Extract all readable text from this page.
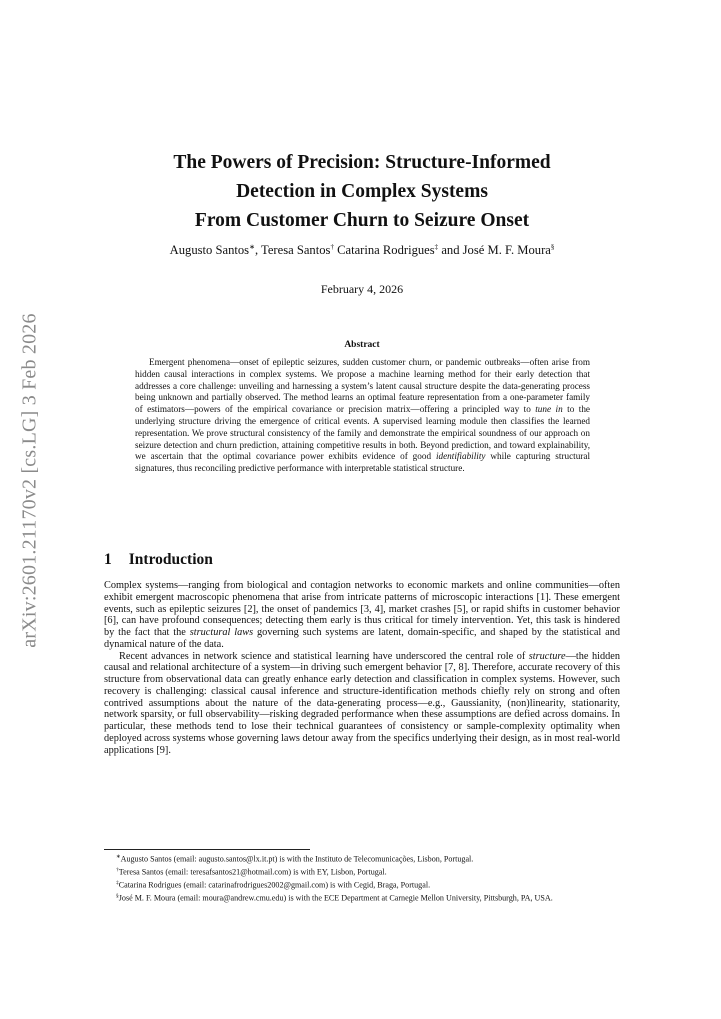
arXiv:2601.21170v2 [cs.LG] 3 Feb 2026
The Powers of Precision: Structure-Informed
Detection in Complex Systems
From Customer Churn to Seizure Onset
Augusto Santos∗, Teresa Santos† Catarina Rodrigues‡ and José M. F. Moura§
February 4, 2026
Abstract

Emergent phenomena—onset of epileptic seizures, sudden customer churn, or pandemic outbreaks—often arise from hidden causal interactions in complex systems. We propose a machine learning method for their early detection that addresses a core challenge: unveiling and harnessing a system’s latent causal structure despite the data-generating process being unknown and partially observed. The method learns an optimal feature representation from a one-parameter family of estimators—powers of the empirical covariance or precision matrix—offering a principled way to tune in to the underlying structure driving the emergence of critical events. A supervised learning module then classifies the learned representation. We prove structural consistency of the family and demonstrate the empirical soundness of our approach on seizure detection and churn prediction, attaining competitive results in both. Beyond prediction, and toward explainability, we ascertain that the optimal covariance power exhibits evidence of good identifiability while capturing structural signatures, thus reconciling predictive performance with interpretable statistical structure.

1 Introduction

Complex systems—ranging from biological and contagion networks to economic markets and online communities—often exhibit emergent macroscopic phenomena that arise from intricate patterns of microscopic interactions [1]. These emergent events, such as epileptic seizures [2], the onset of pandemics [3, 4], market crashes [5], or rapid shifts in customer behavior [6], can have profound consequences; detecting them early is thus critical for timely intervention. Yet, this task is hindered by the fact that the structural laws governing such systems are latent, domain-specific, and shaped by the statistical and dynamical nature of the data.

Recent advances in network science and statistical learning have underscored the central role of structure—the hidden causal and relational architecture of a system—in driving such emergent behavior [7, 8]. Therefore, accurate recovery of this structure from observational data can greatly enhance early detection and classification in complex systems. However, such recovery is challenging: classical causal inference and structure-identification methods chiefly rely on strong and often contrived assumptions about the nature of the data-generating process—e.g., Gaussianity, (non)linearity, stationarity, network sparsity, or full observability—risking degraded performance when these assumptions are defied across domains. In particular, these methods tend to lose their technical guarantees of consistency or sample-complexity optimality when deployed across systems whose governing laws detour away from the specifics underlying their design, as in most real-world applications [9].

∗Augusto Santos (email: augusto.santos@lx.it.pt) is with the Instituto de Telecomunicações, Lisbon, Portugal.
†Teresa Santos (email: teresafsantos21@hotmail.com) is with EY, Lisbon, Portugal.
‡Catarina Rodrigues (email: catarinafrodrigues2002@gmail.com) is with Cegid, Braga, Portugal.
§José M. F. Moura (email: moura@andrew.cmu.edu) is with the ECE Department at Carnegie Mellon University, Pittsburgh, PA, USA.
